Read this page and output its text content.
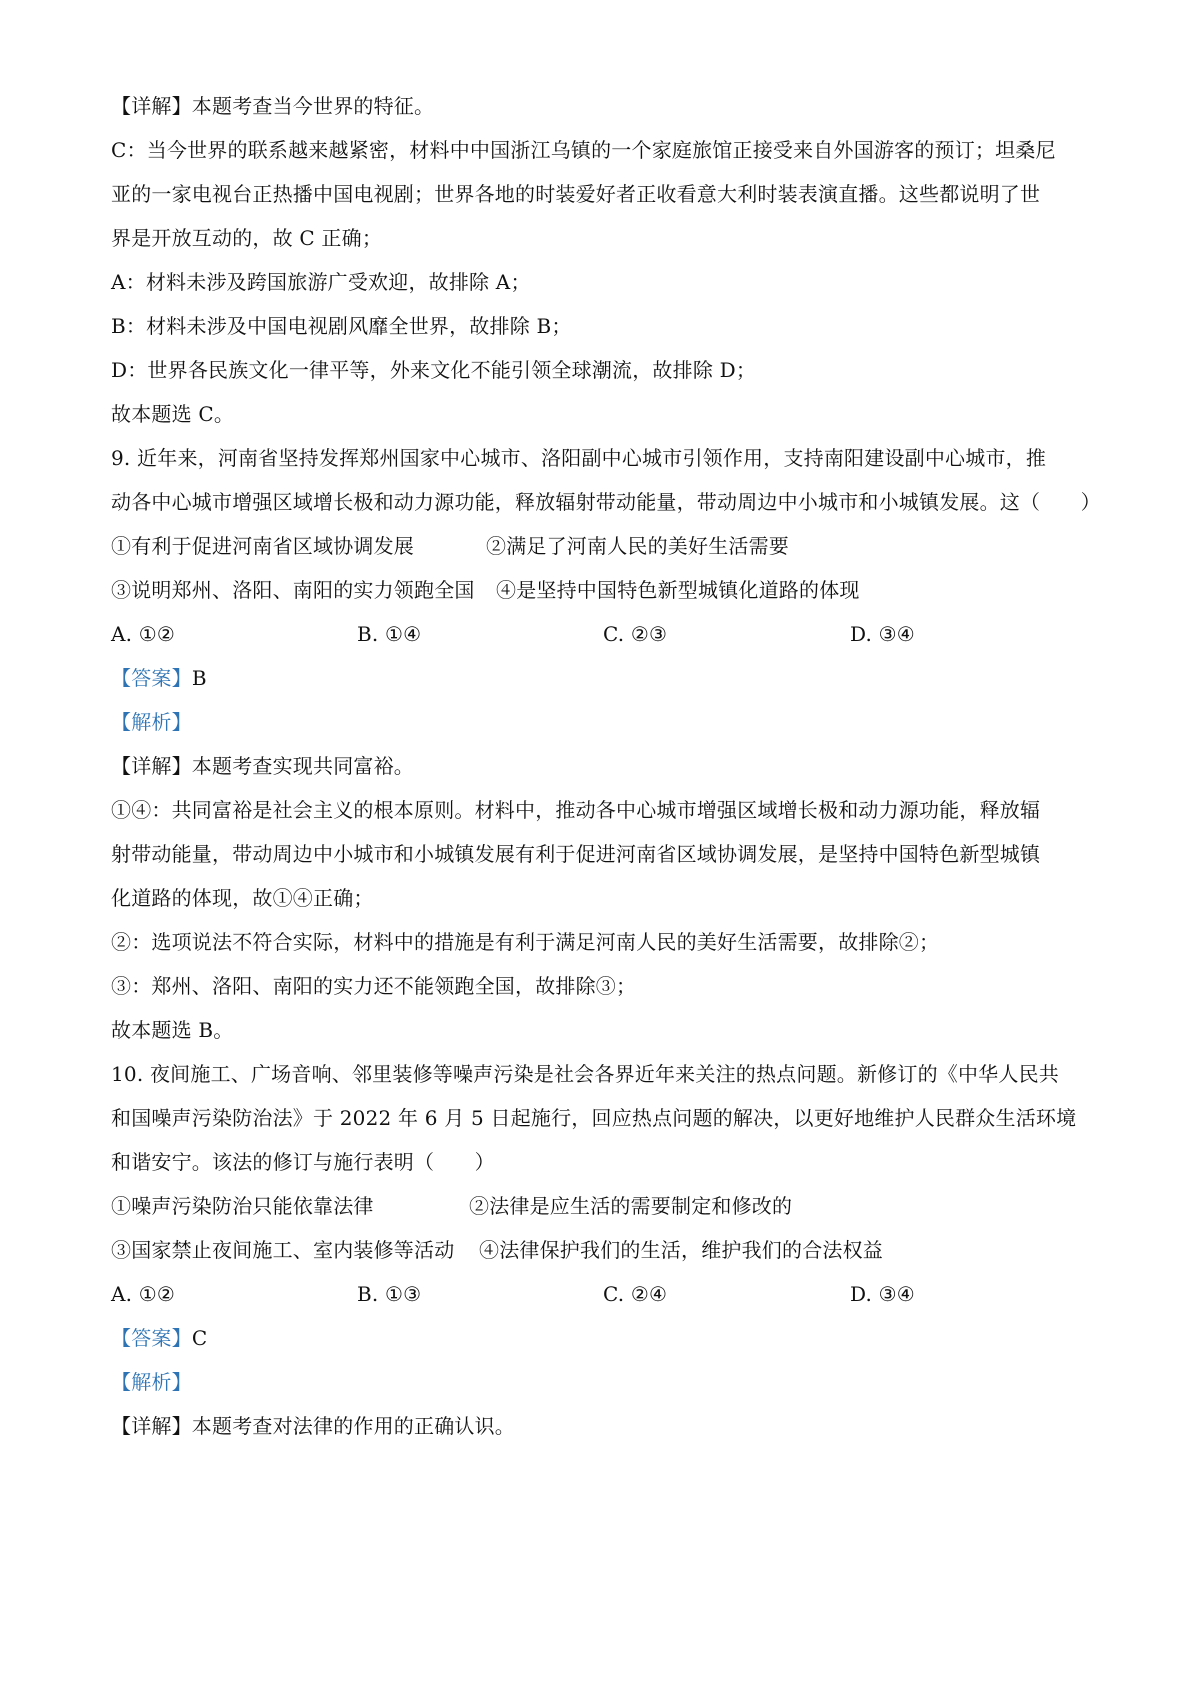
【详解】本题考查当今世界的特征。
C：当今世界的联系越来越紧密，材料中中国浙江乌镇的一个家庭旅馆正接受来自外国游客的预订；坦桑尼
亚的一家电视台正热播中国电视剧；世界各地的时装爱好者正收看意大利时装表演直播。这些都说明了世
界是开放互动的，故 C 正确；
A：材料未涉及跨国旅游广受欢迎，故排除 A；
B：材料未涉及中国电视剧风靡全世界，故排除 B；
D：世界各民族文化一律平等，外来文化不能引领全球潮流，故排除 D；
故本题选 C。
9. 近年来，河南省坚持发挥郑州国家中心城市、洛阳副中心城市引领作用，支持南阳建设副中心城市，推
动各中心城市增强区域增长极和动力源功能，释放辐射带动能量，带动周边中小城市和小城镇发展。这（　　）
①有利于促进河南省区域协调发展	②满足了河南人民的美好生活需要
③说明郑州、洛阳、南阳的实力领跑全国 ④是坚持中国特色新型城镇化道路的体现
A. ①②	B. ①④	C. ②③	D. ③④
【答案】B
【解析】
【详解】本题考查实现共同富裕。
①④：共同富裕是社会主义的根本原则。材料中，推动各中心城市增强区域增长极和动力源功能，释放辐
射带动能量，带动周边中小城市和小城镇发展有利于促进河南省区域协调发展，是坚持中国特色新型城镇
化道路的体现，故①④正确；
②：选项说法不符合实际，材料中的措施是有利于满足河南人民的美好生活需要，故排除②；
③：郑州、洛阳、南阳的实力还不能领跑全国，故排除③；
故本题选 B。
10. 夜间施工、广场音响、邻里装修等噪声污染是社会各界近年来关注的热点问题。新修订的《中华人民共
和国噪声污染防治法》于 2022 年 6 月 5 日起施行，回应热点问题的解决，以更好地维护人民群众生活环境
和谐安宁。该法的修订与施行表明（　　）
①噪声污染防治只能依靠法律	②法律是应生活的需要制定和修改的
③国家禁止夜间施工、室内装修等活动 ④法律保护我们的生活，维护我们的合法权益
A. ①②	B. ①③	C. ②④	D. ③④
【答案】C
【解析】
【详解】本题考查对法律的作用的正确认识。
